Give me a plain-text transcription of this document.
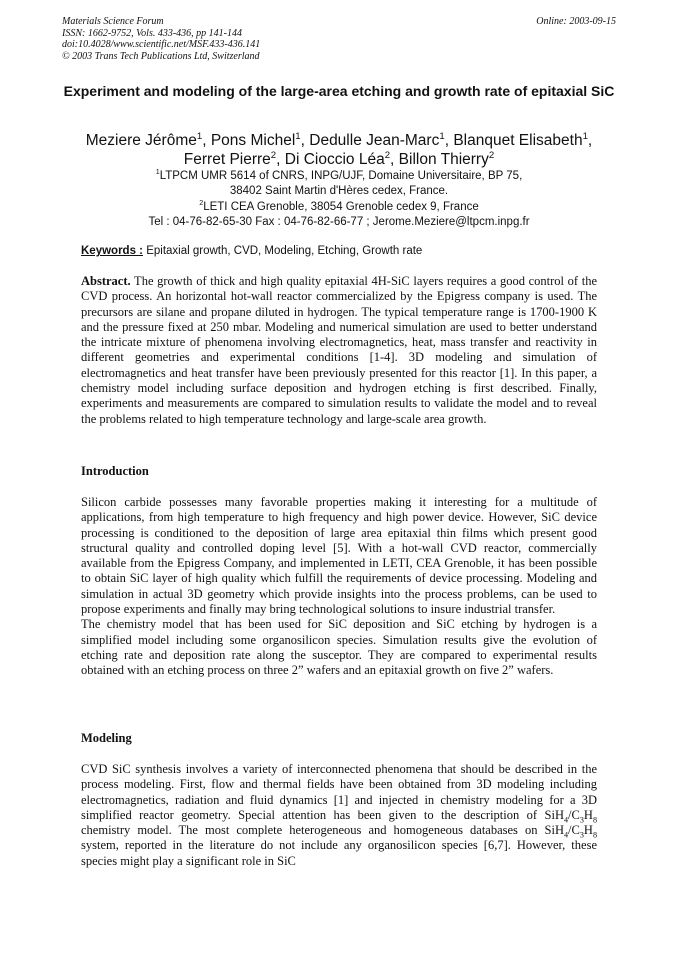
Materials Science Forum
ISSN: 1662-9752, Vols. 433-436, pp 141-144
doi:10.4028/www.scientific.net/MSF.433-436.141
© 2003 Trans Tech Publications Ltd, Switzerland
Online: 2003-09-15
Experiment and modeling of the large-area etching and growth rate of epitaxial SiC
Meziere Jérôme$^1$, Pons Michel$^1$, Dedulle Jean-Marc$^1$, Blanquet Elisabeth$^1$,
Ferret Pierre$^2$, Di Cioccio Léa$^2$, Billon Thierry$^2$
$^1$LTPCM UMR 5614 of CNRS, INPG/UJF, Domaine Universitaire, BP 75,
38402 Saint Martin d'Hères cedex, France.
$^2$LETI CEA Grenoble, 38054 Grenoble cedex 9, France
Tel : 04-76-82-65-30 Fax : 04-76-82-66-77 ; Jerome.Meziere@ltpcm.inpg.fr
Keywords : Epitaxial growth, CVD, Modeling, Etching, Growth rate

Abstract. The growth of thick and high quality epitaxial 4H-SiC layers requires a good control of the CVD process. An horizontal hot-wall reactor commercialized by the Epigress company is used. The precursors are silane and propane diluted in hydrogen. The typical temperature range is 1700-1900 K and the pressure fixed at 250 mbar. Modeling and numerical simulation are used to better understand the intricate mixture of phenomena involving electromagnetics, heat, mass transfer and reactivity in different geometries and experimental conditions [1-4]. 3D modeling and simulation of electromagnetics and heat transfer have been previously presented for this reactor [1]. In this paper, a chemistry model including surface deposition and hydrogen etching is first described. Finally, experiments and measurements are compared to simulation results to validate the model and to reveal the problems related to high temperature technology and large-scale area growth.

Introduction

Silicon carbide possesses many favorable properties making it interesting for a multitude of applications, from high temperature to high frequency and high power device. However, SiC device processing is conditioned to the deposition of large area epitaxial thin films which present good structural quality and controlled doping level [5]. With a hot-wall CVD reactor, commercially available from the Epigress Company, and implemented in LETI, CEA Grenoble, it has been possible to obtain SiC layer of high quality which fulfill the requirements of device processing. Modeling and simulation in actual 3D geometry which provide insights into the process problems, can be used to propose experiments and finally may bring technological solutions to insure industrial transfer.

The chemistry model that has been used for SiC deposition and SiC etching by hydrogen is a simplified model including some organosilicon species. Simulation results give the evolution of etching rate and deposition rate along the susceptor. They are compared to experimental results obtained with an etching process on three 2” wafers and an epitaxial growth on five 2” wafers.

Modeling

CVD SiC synthesis involves a variety of interconnected phenomena that should be described in the process modeling. First, flow and thermal fields have been obtained from 3D modeling including electromagnetics, radiation and fluid dynamics [1] and injected in chemistry modeling for a 3D simplified reactor geometry. Special attention has been given to the description of $SiH_4/C_3H_8$ chemistry model. The most complete heterogeneous and homogeneous databases on $SiH_4/C_3H_8$ system, reported in the literature do not include any organosilicon species [6,7]. However, these species might play a significant role in SiC
